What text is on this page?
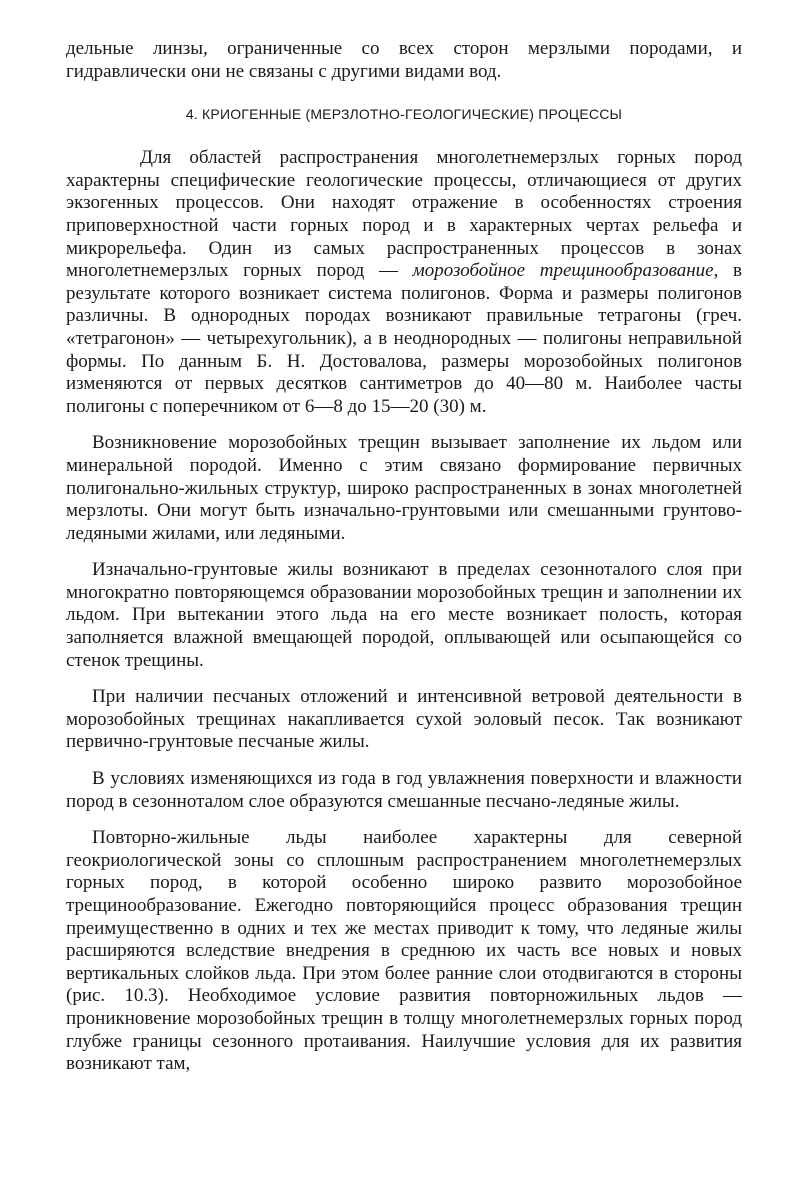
дельные линзы, ограниченные со всех сторон мерзлыми породами, и гидравлически они не связаны с другими видами вод.

4. КРИОГЕННЫЕ (МЕРЗЛОТНО-ГЕОЛОГИЧЕСКИЕ) ПРОЦЕССЫ

Для областей распространения многолетнемерзлых горных пород характерны специфические геологические процессы, отличающиеся от других экзогенных процессов. Они находят отражение в особенностях строения приповерхностной части горных пород и в характерных чертах рельефа и микрорельефа. Один из самых распространенных процессов в зонах многолетнемерзлых горных пород — морозобойное трещинообразование, в результате которого возникает система полигонов. Форма и размеры полигонов различны. В однородных породах возникают правильные тетрагоны (греч. «тетрагонон» — четырехугольник), а в неоднородных — полигоны неправильной формы. По данным Б. Н. Достовалова, размеры морозобойных полигонов изменяются от первых десятков сантиметров до 40—80 м. Наиболее часты полигоны с поперечником от 6—8 до 15—20 (30) м.

Возникновение морозобойных трещин вызывает заполнение их льдом или минеральной породой. Именно с этим связано формирование первичных полигонально-жильных структур, широко распространенных в зонах многолетней мерзлоты. Они могут быть изначально-грунтовыми или смешанными грунтово-ледяными жилами, или ледяными.

Изначально-грунтовые жилы возникают в пределах сезонноталого слоя при многократно повторяющемся образовании морозобойных трещин и заполнении их льдом. При вытекании этого льда на его месте возникает полость, которая заполняется влажной вмещающей породой, оплывающей или осыпающейся со стенок трещины.

При наличии песчаных отложений и интенсивной ветровой деятельности в морозобойных трещинах накапливается сухой эоловый песок. Так возникают первично-грунтовые песчаные жилы.

В условиях изменяющихся из года в год увлажнения поверхности и влажности пород в сезонноталом слое образуются смешанные песчано-ледяные жилы.

Повторно-жильные льды наиболее характерны для северной геокриологической зоны со сплошным распространением многолетнемерзлых горных пород, в которой особенно широко развито морозобойное трещинообразование. Ежегодно повторяющийся процесс образования трещин преимущественно в одних и тех же местах приводит к тому, что ледяные жилы расширяются вследствие внедрения в среднюю их часть все новых и новых вертикальных слойков льда. При этом более ранние слои отодвигаются в стороны (рис. 10.3). Необходимое условие развития повторножильных льдов — проникновение морозобойных трещин в толщу многолетнемерзлых горных пород глубже границы сезонного протаивания. Наилучшие условия для их развития возникают там,
